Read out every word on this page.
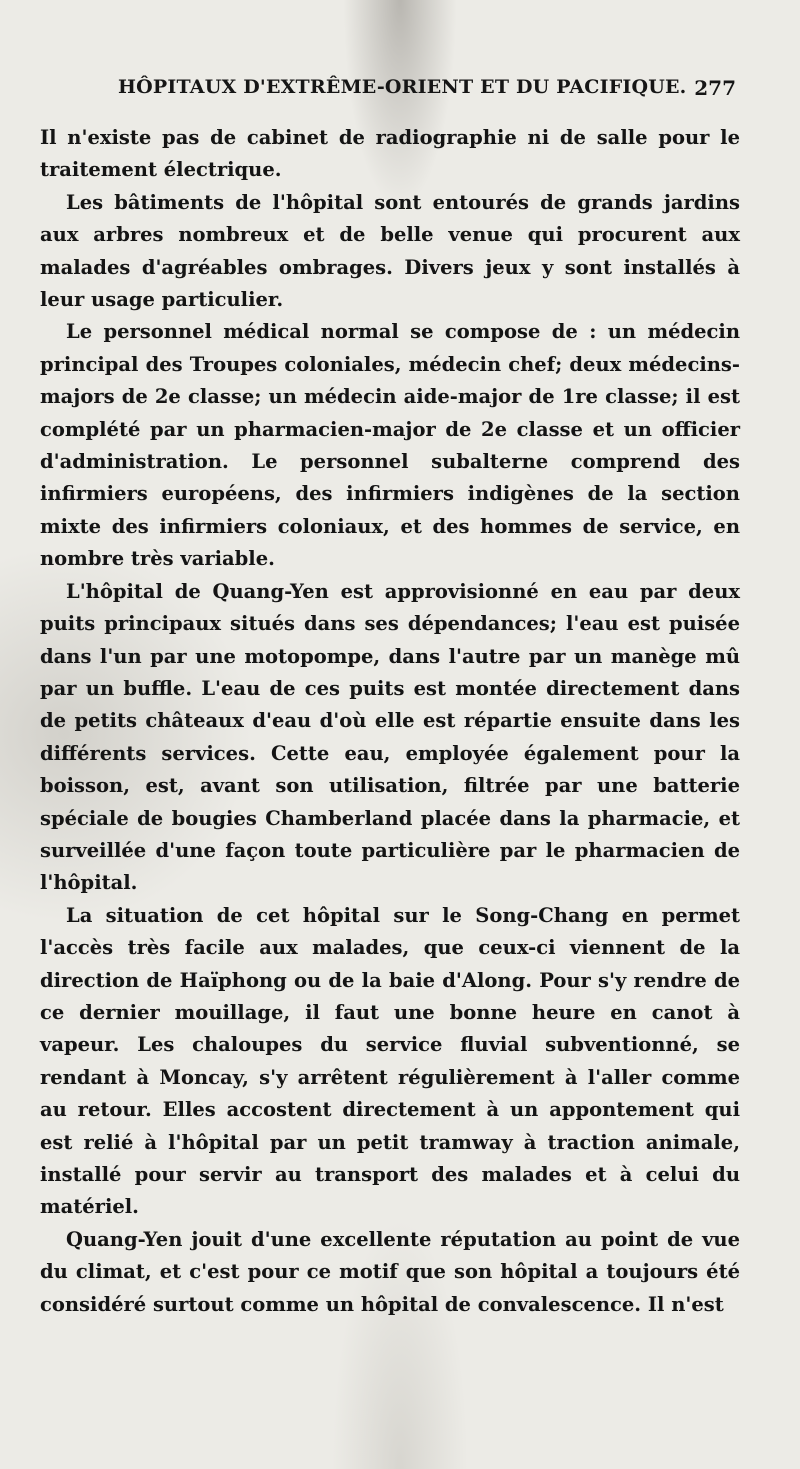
HÔPITAUX D'EXTRÊME-ORIENT ET DU PACIFIQUE. 277

Il n'existe pas de cabinet de radiographie ni de salle pour le traitement électrique.

Les bâtiments de l'hôpital sont entourés de grands jardins aux arbres nombreux et de belle venue qui procurent aux malades d'agréables ombrages. Divers jeux y sont installés à leur usage particulier.

Le personnel médical normal se compose de : un médecin principal des Troupes coloniales, médecin chef; deux médecins-majors de 2e classe; un médecin aide-major de 1re classe; il est complété par un pharmacien-major de 2e classe et un officier d'administration. Le personnel subalterne comprend des infirmiers européens, des infirmiers indigènes de la section mixte des infirmiers coloniaux, et des hommes de service, en nombre très variable.

L'hôpital de Quang-Yen est approvisionné en eau par deux puits principaux situés dans ses dépendances; l'eau est puisée dans l'un par une motopompe, dans l'autre par un manège mû par un buffle. L'eau de ces puits est montée directement dans de petits châteaux d'eau d'où elle est répartie ensuite dans les différents services. Cette eau, employée également pour la boisson, est, avant son utilisation, filtrée par une batterie spéciale de bougies Chamberland placée dans la pharmacie, et surveillée d'une façon toute particulière par le pharmacien de l'hôpital.

La situation de cet hôpital sur le Song-Chang en permet l'accès très facile aux malades, que ceux-ci viennent de la direction de Haïphong ou de la baie d'Along. Pour s'y rendre de ce dernier mouillage, il faut une bonne heure en canot à vapeur. Les chaloupes du service fluvial subventionné, se rendant à Moncay, s'y arrêtent régulièrement à l'aller comme au retour. Elles accostent directement à un appontement qui est relié à l'hôpital par un petit tramway à traction animale, installé pour servir au transport des malades et à celui du matériel.

Quang-Yen jouit d'une excellente réputation au point de vue du climat, et c'est pour ce motif que son hôpital a toujours été considéré surtout comme un hôpital de convalescence. Il n'est
